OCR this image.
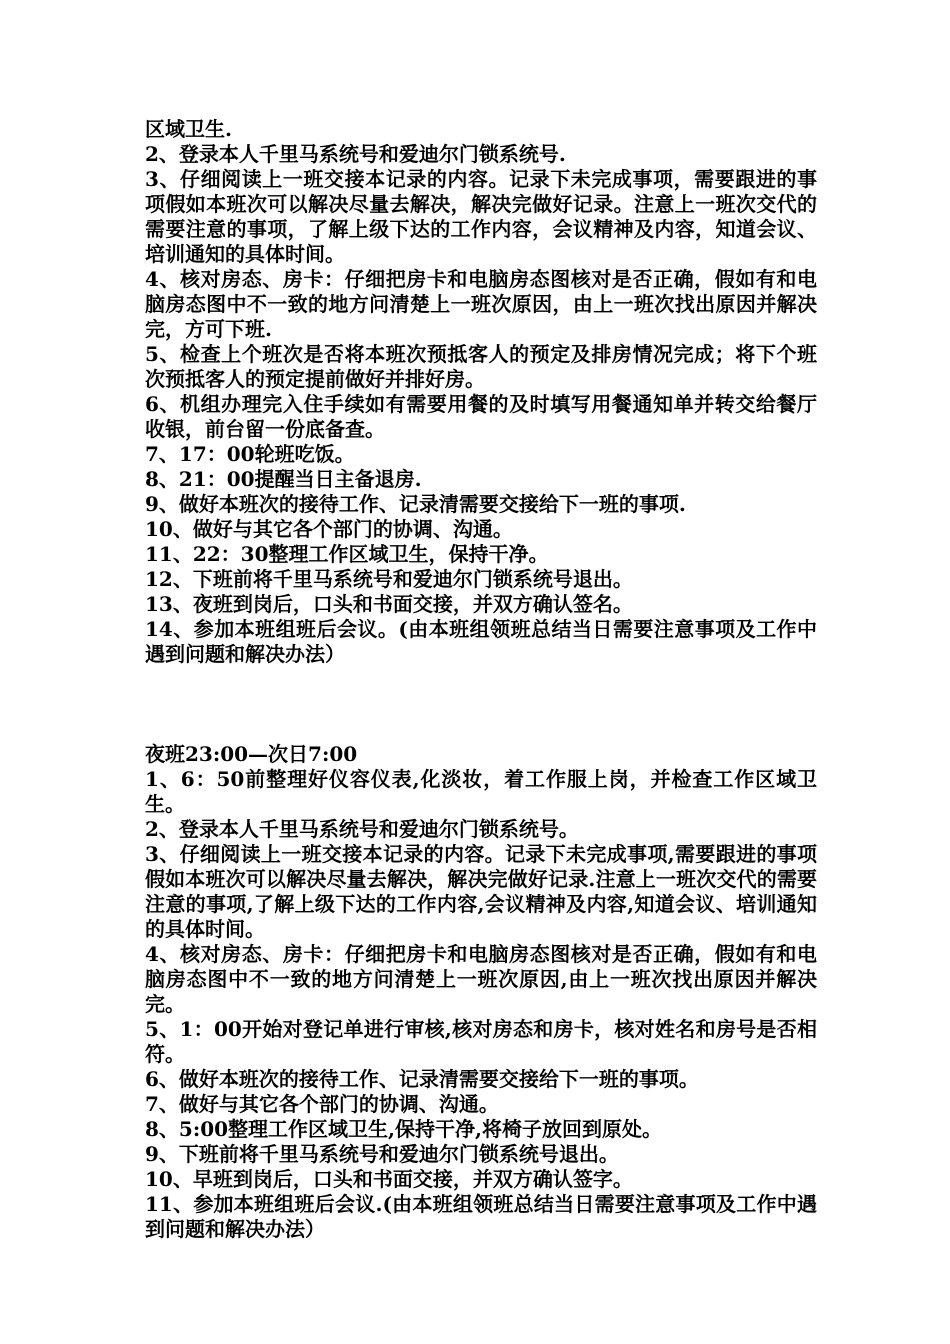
区域卫生.

2、登录本人千里马系统号和爱迪尔门锁系统号.

3、仔细阅读上一班交接本记录的内容。记录下未完成事项，需要跟进的事项假如本班次可以解决尽量去解决，解决完做好记录。注意上一班次交代的需要注意的事项，了解上级下达的工作内容，会议精神及内容，知道会议、培训通知的具体时间。

4、核对房态、房卡：仔细把房卡和电脑房态图核对是否正确，假如有和电脑房态图中不一致的地方问清楚上一班次原因，由上一班次找出原因并解决完，方可下班.

5、检查上个班次是否将本班次预抵客人的预定及排房情况完成；将下个班次预抵客人的预定提前做好并排好房。

6、机组办理完入住手续如有需要用餐的及时填写用餐通知单并转交给餐厅收银，前台留一份底备查。

7、17：00轮班吃饭。

8、21：00提醒当日主备退房.

9、做好本班次的接待工作、记录清需要交接给下一班的事项.

10、做好与其它各个部门的协调、沟通。

11、22：30整理工作区域卫生，保持干净。

12、下班前将千里马系统号和爱迪尔门锁系统号退出。

13、夜班到岗后，口头和书面交接，并双方确认签名。

14、参加本班组班后会议。(由本班组领班总结当日需要注意事项及工作中遇到问题和解决办法）

夜班23:00—次日7:00

1、6：50前整理好仪容仪表,化淡妆，着工作服上岗，并检查工作区域卫生。

2、登录本人千里马系统号和爱迪尔门锁系统号。

3、仔细阅读上一班交接本记录的内容。记录下未完成事项,需要跟进的事项假如本班次可以解决尽量去解决，解决完做好记录.注意上一班次交代的需要注意的事项,了解上级下达的工作内容,会议精神及内容,知道会议、培训通知的具体时间。

4、核对房态、房卡：仔细把房卡和电脑房态图核对是否正确，假如有和电脑房态图中不一致的地方问清楚上一班次原因,由上一班次找出原因并解决完。

5、1：00开始对登记单进行审核,核对房态和房卡，核对姓名和房号是否相符。

6、做好本班次的接待工作、记录清需要交接给下一班的事项。

7、做好与其它各个部门的协调、沟通。

8、5:00整理工作区域卫生,保持干净,将椅子放回到原处。

9、下班前将千里马系统号和爱迪尔门锁系统号退出。

10、早班到岗后，口头和书面交接，并双方确认签字。

11、参加本班组班后会议.(由本班组领班总结当日需要注意事项及工作中遇到问题和解决办法）
